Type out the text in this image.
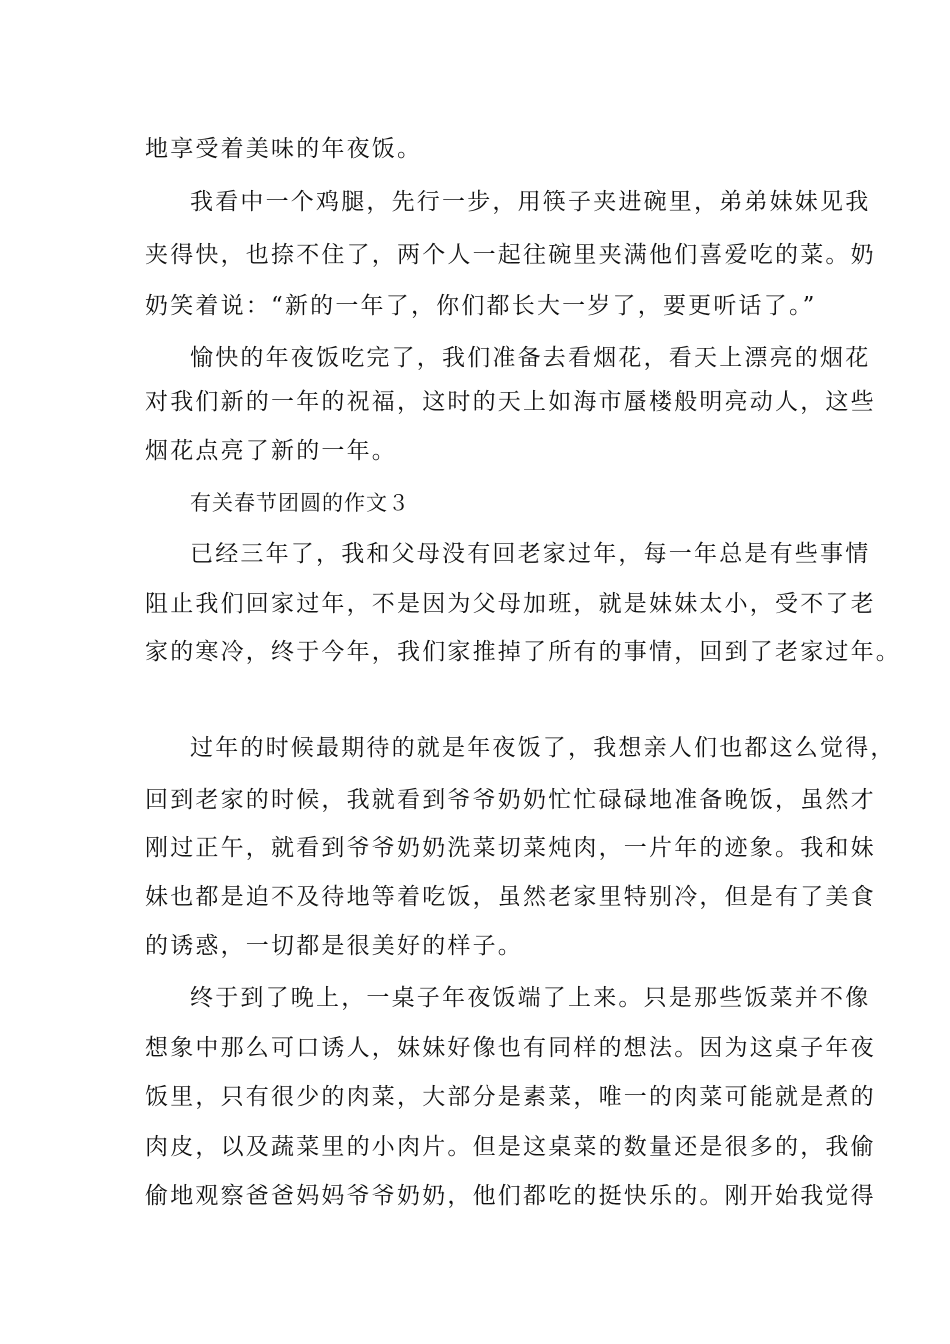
地享受着美味的年夜饭。
我看中一个鸡腿，先行一步，用筷子夹进碗里，弟弟妹妹见我
夹得快，也捺不住了，两个人一起往碗里夹满他们喜爱吃的菜。奶
奶笑着说：“新的一年了，你们都长大一岁了，要更听话了。”
愉快的年夜饭吃完了，我们准备去看烟花，看天上漂亮的烟花
对我们新的一年的祝福，这时的天上如海市蜃楼般明亮动人，这些
烟花点亮了新的一年。
有关春节团圆的作文３
已经三年了，我和父母没有回老家过年，每一年总是有些事情
阻止我们回家过年，不是因为父母加班，就是妹妹太小，受不了老
家的寒冷，终于今年，我们家推掉了所有的事情，回到了老家过年。
过年的时候最期待的就是年夜饭了，我想亲人们也都这么觉得，
回到老家的时候，我就看到爷爷奶奶忙忙碌碌地准备晚饭，虽然才
刚过正午，就看到爷爷奶奶洗菜切菜炖肉，一片年的迹象。我和妹
妹也都是迫不及待地等着吃饭，虽然老家里特别冷，但是有了美食
的诱惑，一切都是很美好的样子。
终于到了晚上，一桌子年夜饭端了上来。只是那些饭菜并不像
想象中那么可口诱人，妹妹好像也有同样的想法。因为这桌子年夜
饭里，只有很少的肉菜，大部分是素菜，唯一的肉菜可能就是煮的
肉皮，以及蔬菜里的小肉片。但是这桌菜的数量还是很多的，我偷
偷地观察爸爸妈妈爷爷奶奶，他们都吃的挺快乐的。刚开始我觉得
